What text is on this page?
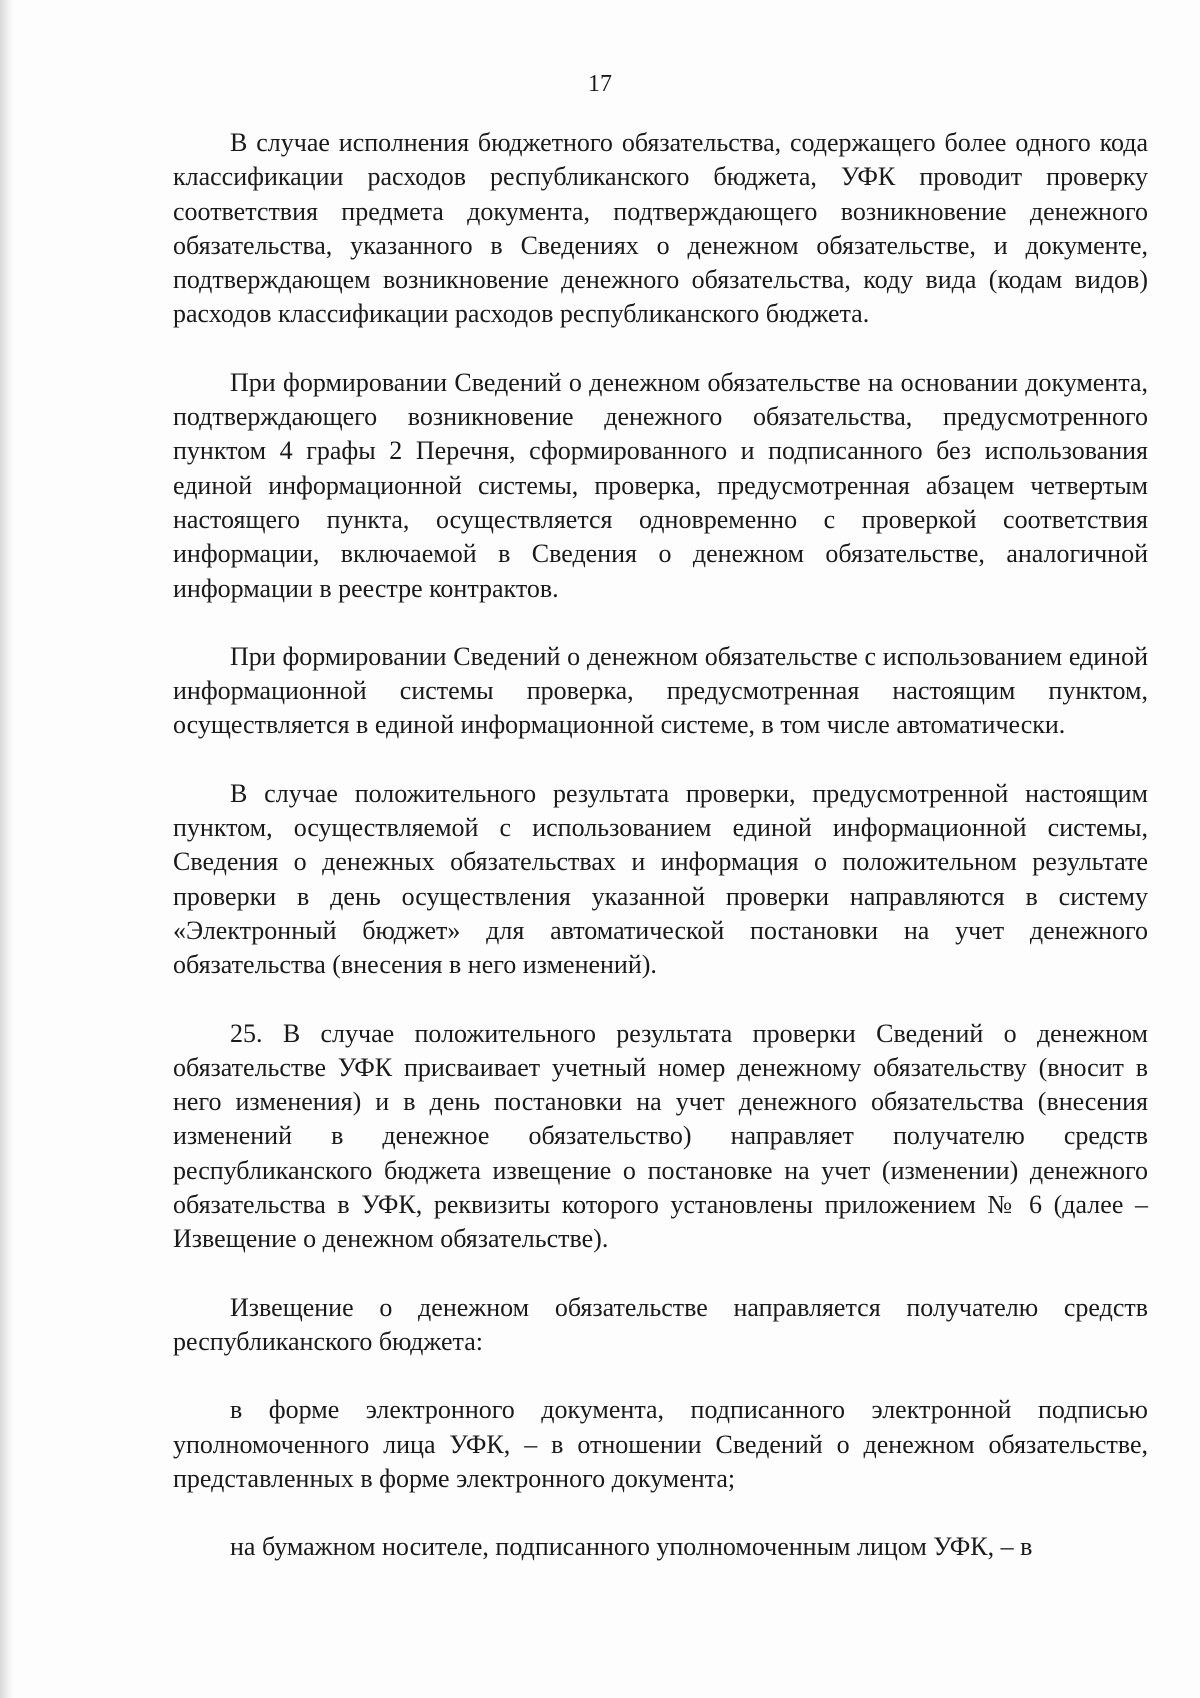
17

В случае исполнения бюджетного обязательства, содержащего более одного кода классификации расходов республиканского бюджета, УФК проводит проверку соответствия предмета документа, подтверждающего возникновение денежного обязательства, указанного в Сведениях о денежном обязательстве, и документе, подтверждающем возникновение денежного обязательства, коду вида (кодам видов) расходов классификации расходов республиканского бюджета.

При формировании Сведений о денежном обязательстве на основании документа, подтверждающего возникновение денежного обязательства, предусмотренного пунктом 4 графы 2 Перечня, сформированного и подписанного без использования единой информационной системы, проверка, предусмотренная абзацем четвертым настоящего пункта, осуществляется одновременно с проверкой соответствия информации, включаемой в Сведения о денежном обязательстве, аналогичной информации в реестре контрактов.

При формировании Сведений о денежном обязательстве с использованием единой информационной системы проверка, предусмотренная настоящим пунктом, осуществляется в единой информационной системе, в том числе автоматически.

В случае положительного результата проверки, предусмотренной настоящим пунктом, осуществляемой с использованием единой информационной системы, Сведения о денежных обязательствах и информация о положительном результате проверки в день осуществления указанной проверки направляются в систему «Электронный бюджет» для автоматической постановки на учет денежного обязательства (внесения в него изменений).

25. В случае положительного результата проверки Сведений о денежном обязательстве УФК присваивает учетный номер денежному обязательству (вносит в него изменения) и в день постановки на учет денежного обязательства (внесения изменений в денежное обязательство) направляет получателю средств республиканского бюджета извещение о постановке на учет (изменении) денежного обязательства в УФК, реквизиты которого установлены приложением № 6 (далее – Извещение о денежном обязательстве).

Извещение о денежном обязательстве направляется получателю средств республиканского бюджета:

в форме электронного документа, подписанного электронной подписью уполномоченного лица УФК, – в отношении Сведений о денежном обязательстве, представленных в форме электронного документа;

на бумажном носителе, подписанного уполномоченным лицом УФК, – в
